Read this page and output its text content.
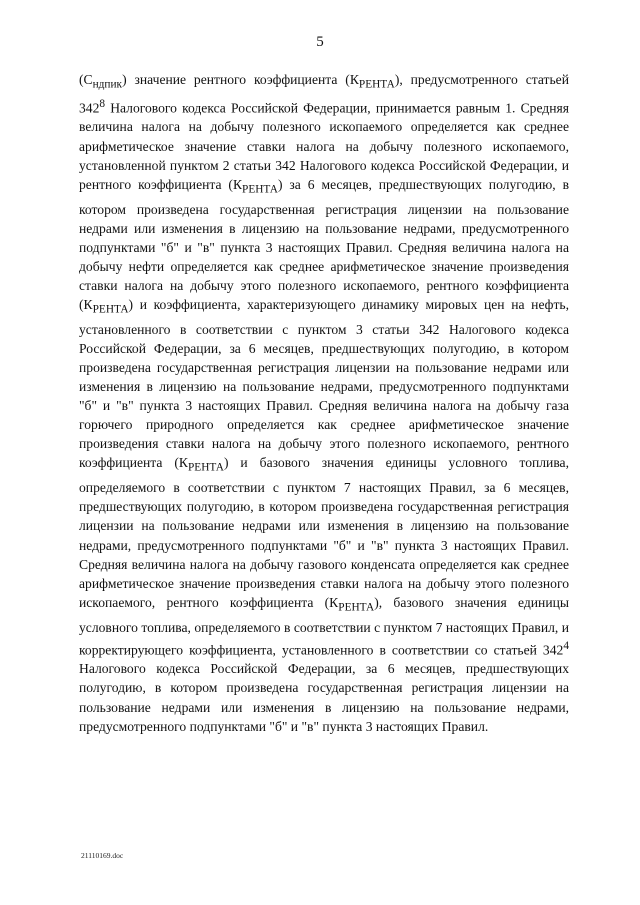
5

$(C_{ндпик})$ значение рентного коэффициента $(К_{РЕНТА})$, предусмотренного статьей $342^8$ Налогового кодекса Российской Федерации, принимается равным 1. Средняя величина налога на добычу полезного ископаемого определяется как среднее арифметическое значение ставки налога на добычу полезного ископаемого, установленной пунктом 2 статьи 342 Налогового кодекса Российской Федерации, и рентного коэффициента $(К_{РЕНТА})$ за 6 месяцев, предшествующих полугодию, в котором произведена государственная регистрация лицензии на пользование недрами или изменения в лицензию на пользование недрами, предусмотренного подпунктами "б" и "в" пункта 3 настоящих Правил. Средняя величина налога на добычу нефти определяется как среднее арифметическое значение произведения ставки налога на добычу этого полезного ископаемого, рентного коэффициента $(К_{РЕНТА})$ и коэффициента, характеризующего динамику мировых цен на нефть, установленного в соответствии с пунктом 3 статьи 342 Налогового кодекса Российской Федерации, за 6 месяцев, предшествующих полугодию, в котором произведена государственная регистрация лицензии на пользование недрами или изменения в лицензию на пользование недрами, предусмотренного подпунктами "б" и "в" пункта 3 настоящих Правил. Средняя величина налога на добычу газа горючего природного определяется как среднее арифметическое значение произведения ставки налога на добычу этого полезного ископаемого, рентного коэффициента $(К_{РЕНТА})$ и базового значения единицы условного топлива, определяемого в соответствии с пунктом 7 настоящих Правил, за 6 месяцев, предшествующих полугодию, в котором произведена государственная регистрация лицензии на пользование недрами или изменения в лицензию на пользование недрами, предусмотренного подпунктами "б" и "в" пункта 3 настоящих Правил. Средняя величина налога на добычу газового конденсата определяется как среднее арифметическое значение произведения ставки налога на добычу этого полезного ископаемого, рентного коэффициента $(К_{РЕНТА})$, базового значения единицы условного топлива, определяемого в соответствии с пунктом 7 настоящих Правил, и корректирующего коэффициента, установленного в соответствии со статьей $342^4$ Налогового кодекса Российской Федерации, за 6 месяцев, предшествующих полугодию, в котором произведена государственная регистрация лицензии на пользование недрами или изменения в лицензию на пользование недрами, предусмотренного подпунктами "б" и "в" пункта 3 настоящих Правил.

21110169.doc
